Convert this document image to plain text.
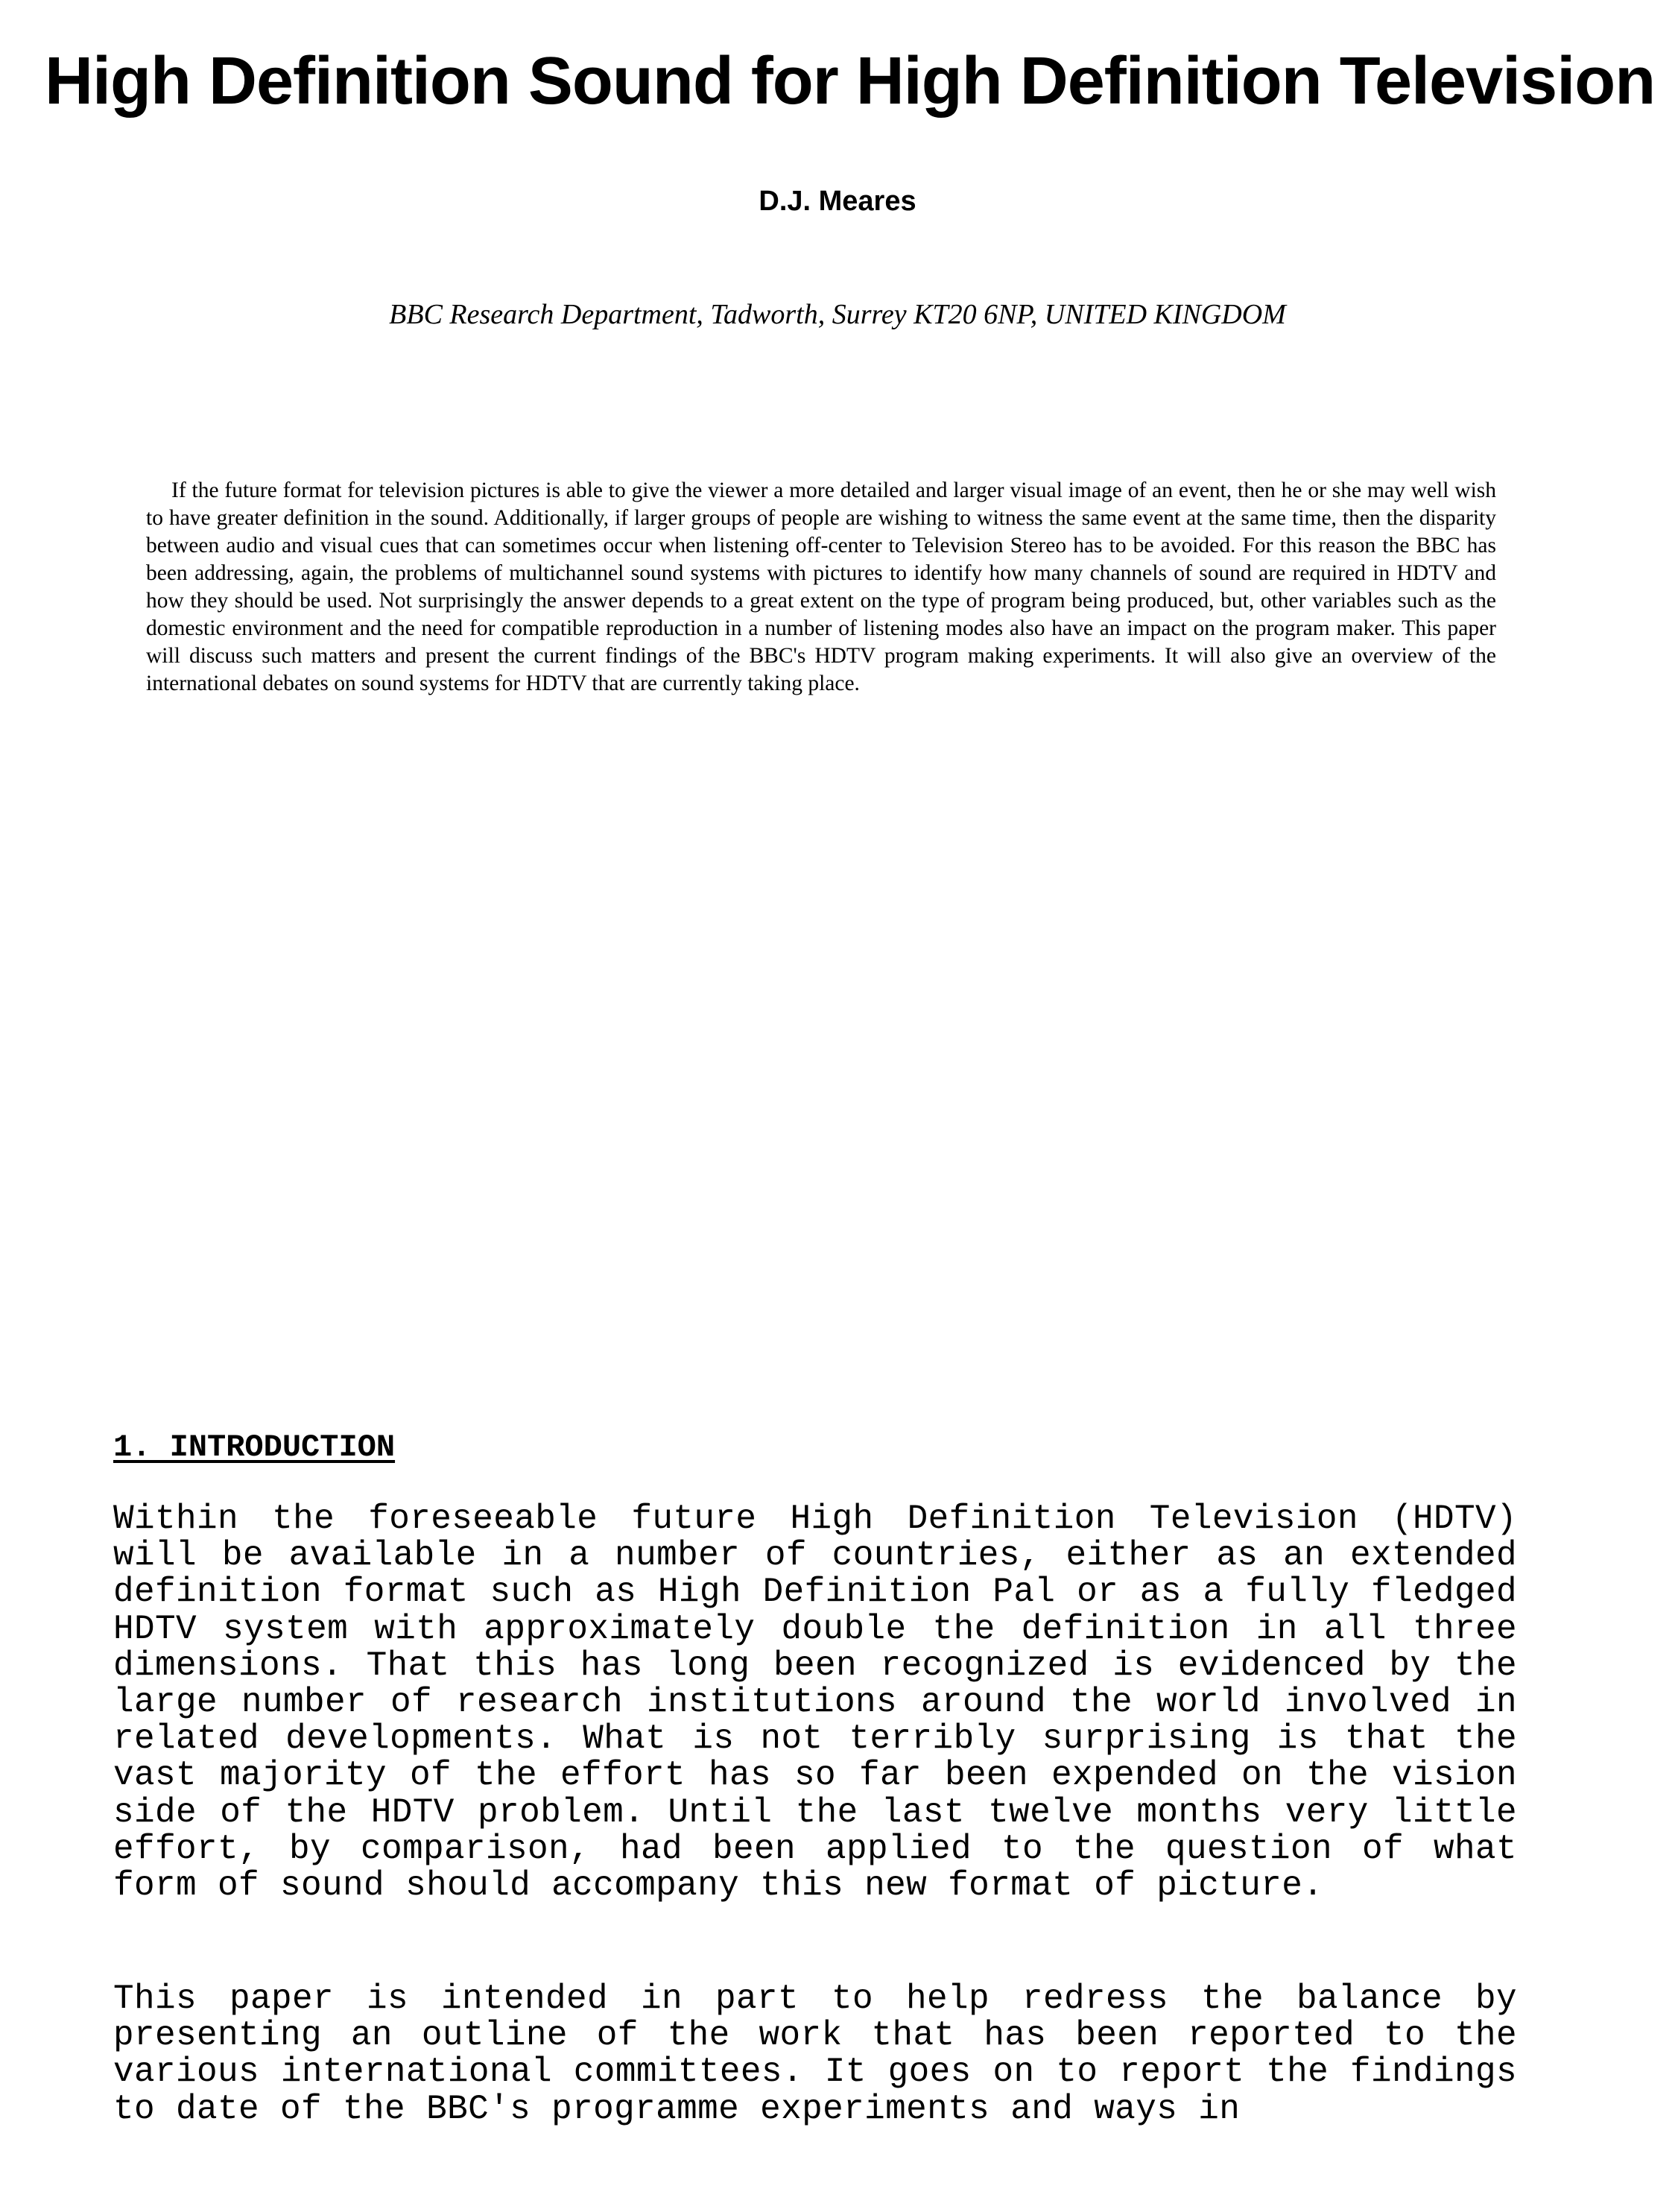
High Definition Sound for High Definition Television
D.J. Meares
BBC Research Department, Tadworth, Surrey KT20 6NP, UNITED KINGDOM

If the future format for television pictures is able to give the viewer a more detailed and larger visual image of an event, then he or she may well wish to have greater definition in the sound. Additionally, if larger groups of people are wishing to witness the same event at the same time, then the disparity between audio and visual cues that can sometimes occur when listening off-center to Television Stereo has to be avoided. For this reason the BBC has been addressing, again, the problems of multichannel sound systems with pictures to identify how many channels of sound are required in HDTV and how they should be used. Not surprisingly the answer depends to a great extent on the type of program being produced, but, other variables such as the domestic environment and the need for compatible reproduction in a number of listening modes also have an impact on the program maker. This paper will discuss such matters and present the current findings of the BBC's HDTV program making experiments. It will also give an overview of the international debates on sound systems for HDTV that are currently taking place.

1. INTRODUCTION

Within the foreseeable future High Definition Television (HDTV) will be available in a number of countries, either as an extended definition format such as High Definition Pal or as a fully fledged HDTV system with approximately double the definition in all three dimensions. That this has long been recognized is evidenced by the large number of research institutions around the world involved in related developments. What is not terribly surprising is that the vast majority of the effort has so far been expended on the vision side of the HDTV problem. Until the last twelve months very little effort, by comparison, had been applied to the question of what form of sound should accompany this new format of picture.

This paper is intended in part to help redress the balance by presenting an outline of the work that has been reported to the various international committees. It goes on to report the findings to date of the BBC's programme experiments and ways in
